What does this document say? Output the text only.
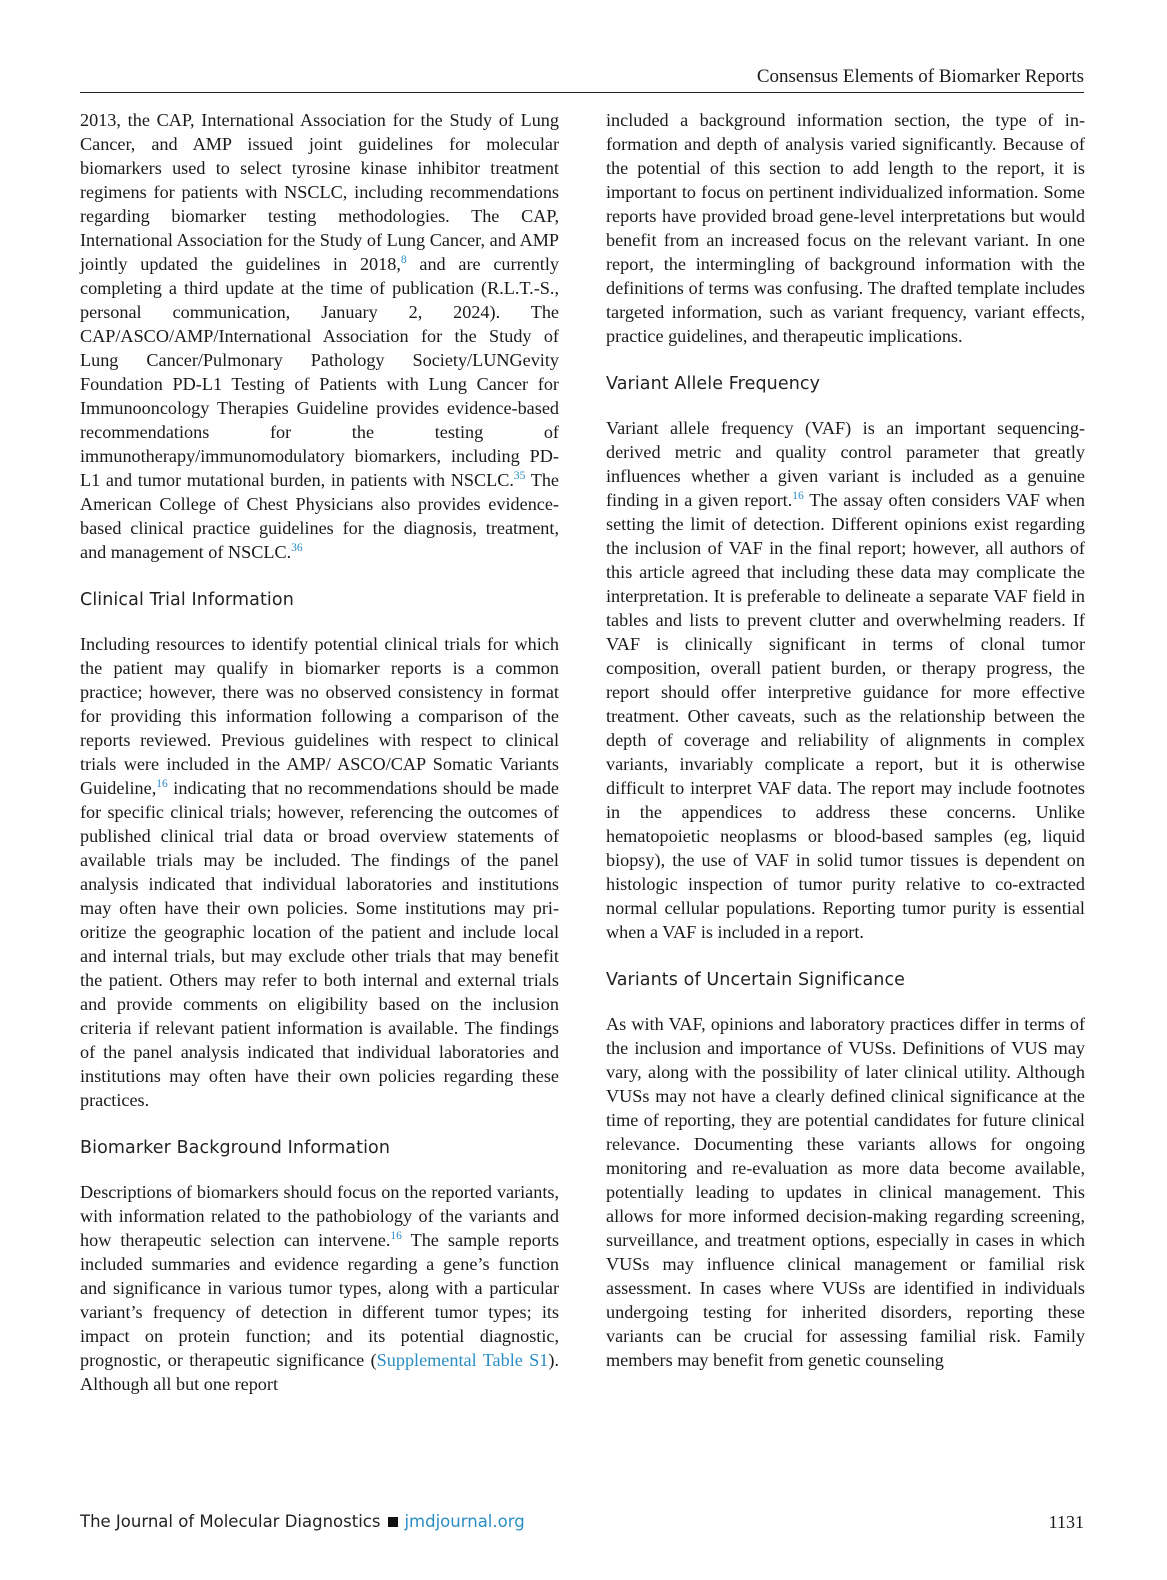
Consensus Elements of Biomarker Reports

2013, the CAP, International Association for the Study of Lung Cancer, and AMP issued joint guidelines for molecular biomarkers used to select tyrosine kinase inhibitor treatment regimens for patients with NSCLC, including recommendations regarding biomarker testing methodologies. The CAP, International Association for the Study of Lung Cancer, and AMP jointly updated the guidelines in 2018,$^8$ and are currently completing a third update at the time of publication (R.L.T.-S., personal communication, January 2, 2024). The CAP/ASCO/AMP/International Association for the Study of Lung Cancer/Pulmonary Pathology Society/LUNGevity Foundation PD-L1 Testing of Patients with Lung Cancer for Immunooncology Therapies Guideline provides evidence-based recommendations for the testing of immunotherapy/immunomodulatory biomarkers, including PD-L1 and tumor mutational burden, in patients with NSCLC.$^{35}$ The American College of Chest Physicians also provides evidence-based clinical practice guidelines for the diagnosis, treatment, and management of NSCLC.$^{36}$

Clinical Trial Information

Including resources to identify potential clinical trials for which the patient may qualify in biomarker reports is a common practice; however, there was no observed consistency in format for providing this information following a comparison of the reports reviewed. Previous guidelines with respect to clinical trials were included in the AMP/ ASCO/CAP Somatic Variants Guideline,$^{16}$ indicating that no recommendations should be made for specific clinical trials; however, referencing the outcomes of published clinical trial data or broad overview statements of available trials may be included. The findings of the panel analysis indicated that individual laboratories and institutions may often have their own policies. Some institutions may prioritize the geographic location of the patient and include local and internal trials, but may exclude other trials that may benefit the patient. Others may refer to both internal and external trials and provide comments on eligibility based on the inclusion criteria if relevant patient information is available. The findings of the panel analysis indicated that individual laboratories and institutions may often have their own policies regarding these practices.

Biomarker Background Information

Descriptions of biomarkers should focus on the reported variants, with information related to the pathobiology of the variants and how therapeutic selection can intervene.$^{16}$ The sample reports included summaries and evidence regarding a gene’s function and significance in various tumor types, along with a particular variant’s frequency of detection in different tumor types; its impact on protein function; and its potential diagnostic, prognostic, or therapeutic significance (Supplemental Table S1). Although all but one report

included a background information section, the type of information and depth of analysis varied significantly. Because of the potential of this section to add length to the report, it is important to focus on pertinent individualized information. Some reports have provided broad gene-level interpretations but would benefit from an increased focus on the relevant variant. In one report, the intermingling of background information with the definitions of terms was confusing. The drafted template includes targeted information, such as variant frequency, variant effects, practice guidelines, and therapeutic implications.

Variant Allele Frequency

Variant allele frequency (VAF) is an important sequencing-derived metric and quality control parameter that greatly influences whether a given variant is included as a genuine finding in a given report.$^{16}$ The assay often considers VAF when setting the limit of detection. Different opinions exist regarding the inclusion of VAF in the final report; however, all authors of this article agreed that including these data may complicate the interpretation. It is preferable to delineate a separate VAF field in tables and lists to prevent clutter and overwhelming readers. If VAF is clinically significant in terms of clonal tumor composition, overall patient burden, or therapy progress, the report should offer interpretive guidance for more effective treatment. Other caveats, such as the relationship between the depth of coverage and reliability of alignments in complex variants, invariably complicate a report, but it is otherwise difficult to interpret VAF data. The report may include footnotes in the appendices to address these concerns. Unlike hematopoietic neoplasms or blood-based samples (eg, liquid biopsy), the use of VAF in solid tumor tissues is dependent on histologic inspection of tumor purity relative to co-extracted normal cellular populations. Reporting tumor purity is essential when a VAF is included in a report.

Variants of Uncertain Significance

As with VAF, opinions and laboratory practices differ in terms of the inclusion and importance of VUSs. Definitions of VUS may vary, along with the possibility of later clinical utility. Although VUSs may not have a clearly defined clinical significance at the time of reporting, they are potential candidates for future clinical relevance. Documenting these variants allows for ongoing monitoring and re-evaluation as more data become available, potentially leading to updates in clinical management. This allows for more informed decision-making regarding screening, surveillance, and treatment options, especially in cases in which VUSs may influence clinical management or familial risk assessment. In cases where VUSs are identified in individuals undergoing testing for inherited disorders, reporting these variants can be crucial for assessing familial risk. Family members may benefit from genetic counseling

The Journal of Molecular Diagnostics jmdjournal.org	1131
